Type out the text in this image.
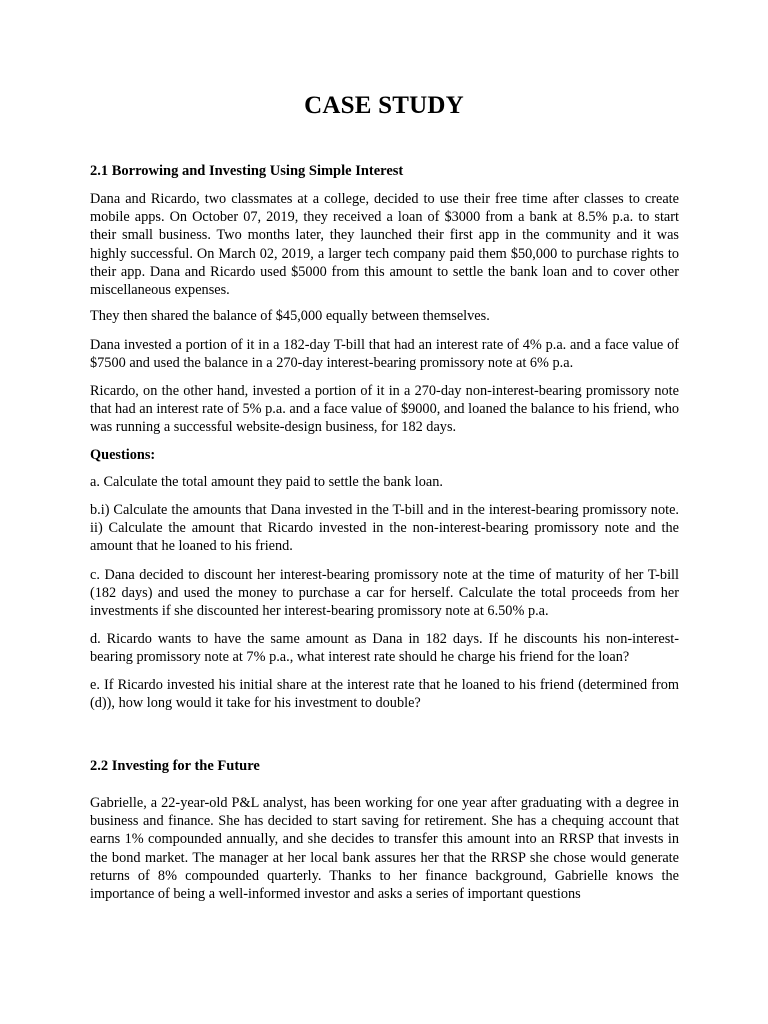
CASE STUDY
2.1 Borrowing and Investing Using Simple Interest
Dana and Ricardo, two classmates at a college, decided to use their free time after classes to create mobile apps. On October 07, 2019, they received a loan of $3000 from a bank at 8.5% p.a. to start their small business. Two months later, they launched their first app in the community and it was highly successful. On March 02, 2019, a larger tech company paid them $50,000 to purchase rights to their app. Dana and Ricardo used $5000 from this amount to settle the bank loan and to cover other miscellaneous expenses.
They then shared the balance of $45,000 equally between themselves.
Dana invested a portion of it in a 182-day T-bill that had an interest rate of 4% p.a. and a face value of $7500 and used the balance in a 270-day interest-bearing promissory note at 6% p.a.
Ricardo, on the other hand, invested a portion of it in a 270-day non-interest-bearing promissory note that had an interest rate of 5% p.a. and a face value of $9000, and loaned the balance to his friend, who was running a successful website-design business, for 182 days.
Questions:
a. Calculate the total amount they paid to settle the bank loan.
b.i) Calculate the amounts that Dana invested in the T-bill and in the interest-bearing promissory note. ii) Calculate the amount that Ricardo invested in the non-interest-bearing promissory note and the amount that he loaned to his friend.
c. Dana decided to discount her interest-bearing promissory note at the time of maturity of her T-bill (182 days) and used the money to purchase a car for herself. Calculate the total proceeds from her investments if she discounted her interest-bearing promissory note at 6.50% p.a.
d. Ricardo wants to have the same amount as Dana in 182 days. If he discounts his non-interest-bearing promissory note at 7% p.a., what interest rate should he charge his friend for the loan?
e. If Ricardo invested his initial share at the interest rate that he loaned to his friend (determined from (d)), how long would it take for his investment to double?
2.2 Investing for the Future
Gabrielle, a 22-year-old P&L analyst, has been working for one year after graduating with a degree in business and finance. She has decided to start saving for retirement. She has a chequing account that earns 1% compounded annually, and she decides to transfer this amount into an RRSP that invests in the bond market. The manager at her local bank assures her that the RRSP she chose would generate returns of 8% compounded quarterly. Thanks to her finance background, Gabrielle knows the importance of being a well-informed investor and asks a series of important questions
